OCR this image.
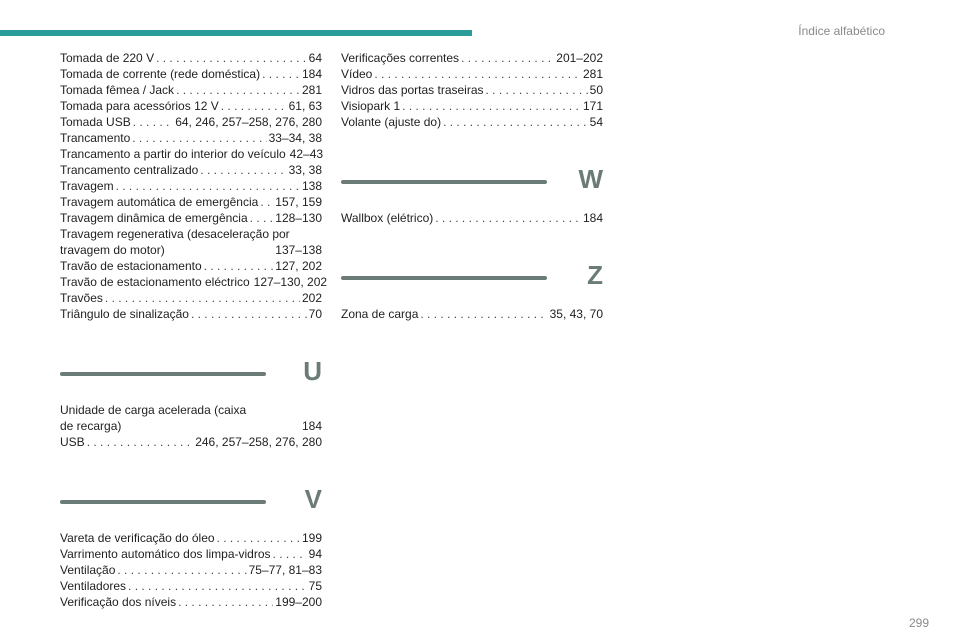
Índice alfabético
Tomada de 220 V . . .	64
Tomada de corrente (rede doméstica) . . .	184
Tomada fêmea / Jack . . .	281
Tomada para acessórios 12 V . . .	61, 63
Tomada USB . . .	64, 246, 257–258, 276, 280
Trancamento . . .	33–34, 38
Trancamento a partir do interior do veículo 42–43
Trancamento centralizado . . .	33, 38
Travagem . . .	138
Travagem automática de emergência . . . 157, 159
Travagem dinâmica de emergência . . . 128–130
Travagem regenerativa (desaceleração por
travagem do motor)	137–138
Travão de estacionamento . . .	127, 202
Travão de estacionamento eléctrico 127–130, 202
Travões . . .	202
Triângulo de sinalização . . .	70
U
Unidade de carga acelerada (caixa
de recarga)	184
USB . . .	246, 257–258, 276, 280
V
Vareta de verificação do óleo . . .	199
Varrimento automático dos limpa-vidros . . .	94
Ventilação . . .	75–77, 81–83
Ventiladores . . .	75
Verificação dos níveis . . .	199–200
Verificações correntes . . .	201–202
Vídeo . . .	281
Vidros das portas traseiras . . .	50
Visiopark 1 . . .	171
Volante (ajuste do) . . .	54
W
Wallbox (elétrico) . . .	184
Z
Zona de carga . . .	35, 43, 70
299
